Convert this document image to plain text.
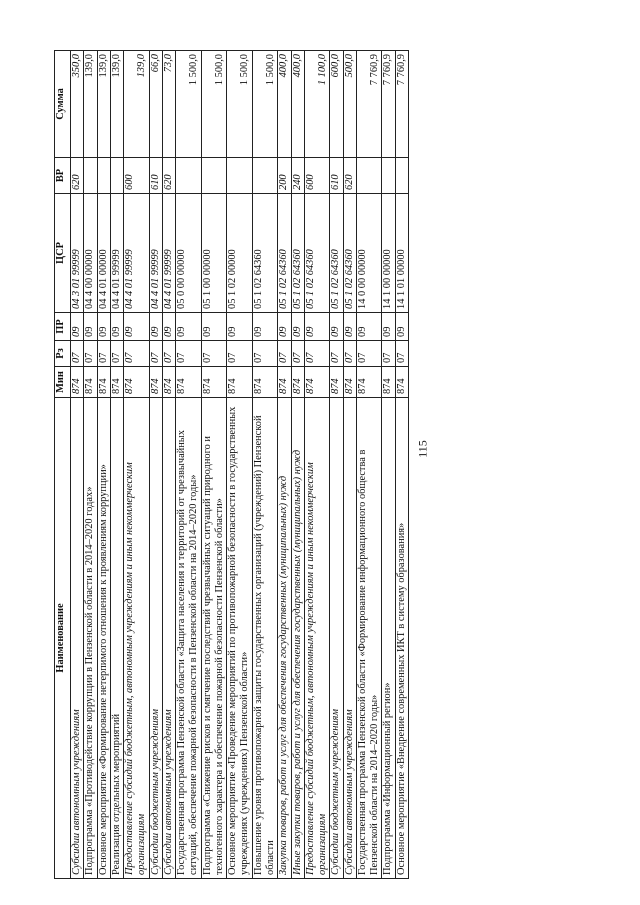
115
Наименование	Мин	Рз	ПР	ЦСР	ВР	Сумма
Субсидии автономным учреждениям	874	07	09	04 3 01 99999	620	350,0
Подпрограмма «Противодействие коррупции в Пензенской области в 2014–2020 годах»	874	07	09	04 4 00 00000		139,0
Основное мероприятие «Формирование нетерпимого отношения к проявлениям коррупции»	874	07	09	04 4 01 00000		139,0
Реализация отдельных мероприятий	874	07	09	04 4 01 99999		139,0
Предоставление субсидий бюджетным, автономным учреждениям и иным некоммерческим организациям	874	07	09	04 4 01 99999	600	139,0
Субсидии бюджетным учреждениям	874	07	09	04 4 01 99999	610	66,0
Субсидии автономным учреждениям	874	07	09	04 4 01 99999	620	73,0
Государственная программа Пензенской области «Защита населения и территорий от чрезвычайных ситуаций, обеспечение пожарной безопасности в Пензенской области на 2014–2020 годы»	874	07	09	05 0 00 00000		1 500,0
Подпрограмма «Снижение рисков и смягчение последствий чрезвычайных ситуаций природного и техногенного характера и обеспечение пожарной безопасности Пензенской области»	874	07	09	05 1 00 00000		1 500,0
Основное мероприятие «Проведение мероприятий по противопожарной безопасности в государственных учреждениях (учреждениях) Пензенской области»	874	07	09	05 1 02 00000		1 500,0
Повышение уровня противопожарной защиты государственных организаций (учреждений) Пензенской области	874	07	09	05 1 02 64360		1 500,0
Закупка товаров, работ и услуг для обеспечения государственных (муниципальных) нужд	874	07	09	05 1 02 64360	200	400,0
Иные закупки товаров, работ и услуг для обеспечения государственных (муниципальных) нужд	874	07	09	05 1 02 64360	240	400,0
Предоставление субсидий бюджетным, автономным учреждениям и иным некоммерческим организациям	874	07	09	05 1 02 64360	600	1 100,0
Субсидии бюджетным учреждениям	874	07	09	05 1 02 64360	610	600,0
Субсидии автономным учреждениям	874	07	09	05 1 02 64360	620	500,0
Государственная программа Пензенской области «Формирование информационного общества в Пензенской области на 2014–2020 годы»	874	07	09	14 0 00 00000		7 760,9
Подпрограмма «Информационный регион»	874	07	09	14 1 00 00000		7 760,9
Основное мероприятие «Внедрение современных ИКТ в систему образования»	874	07	09	14 1 01 00000		7 760,9
